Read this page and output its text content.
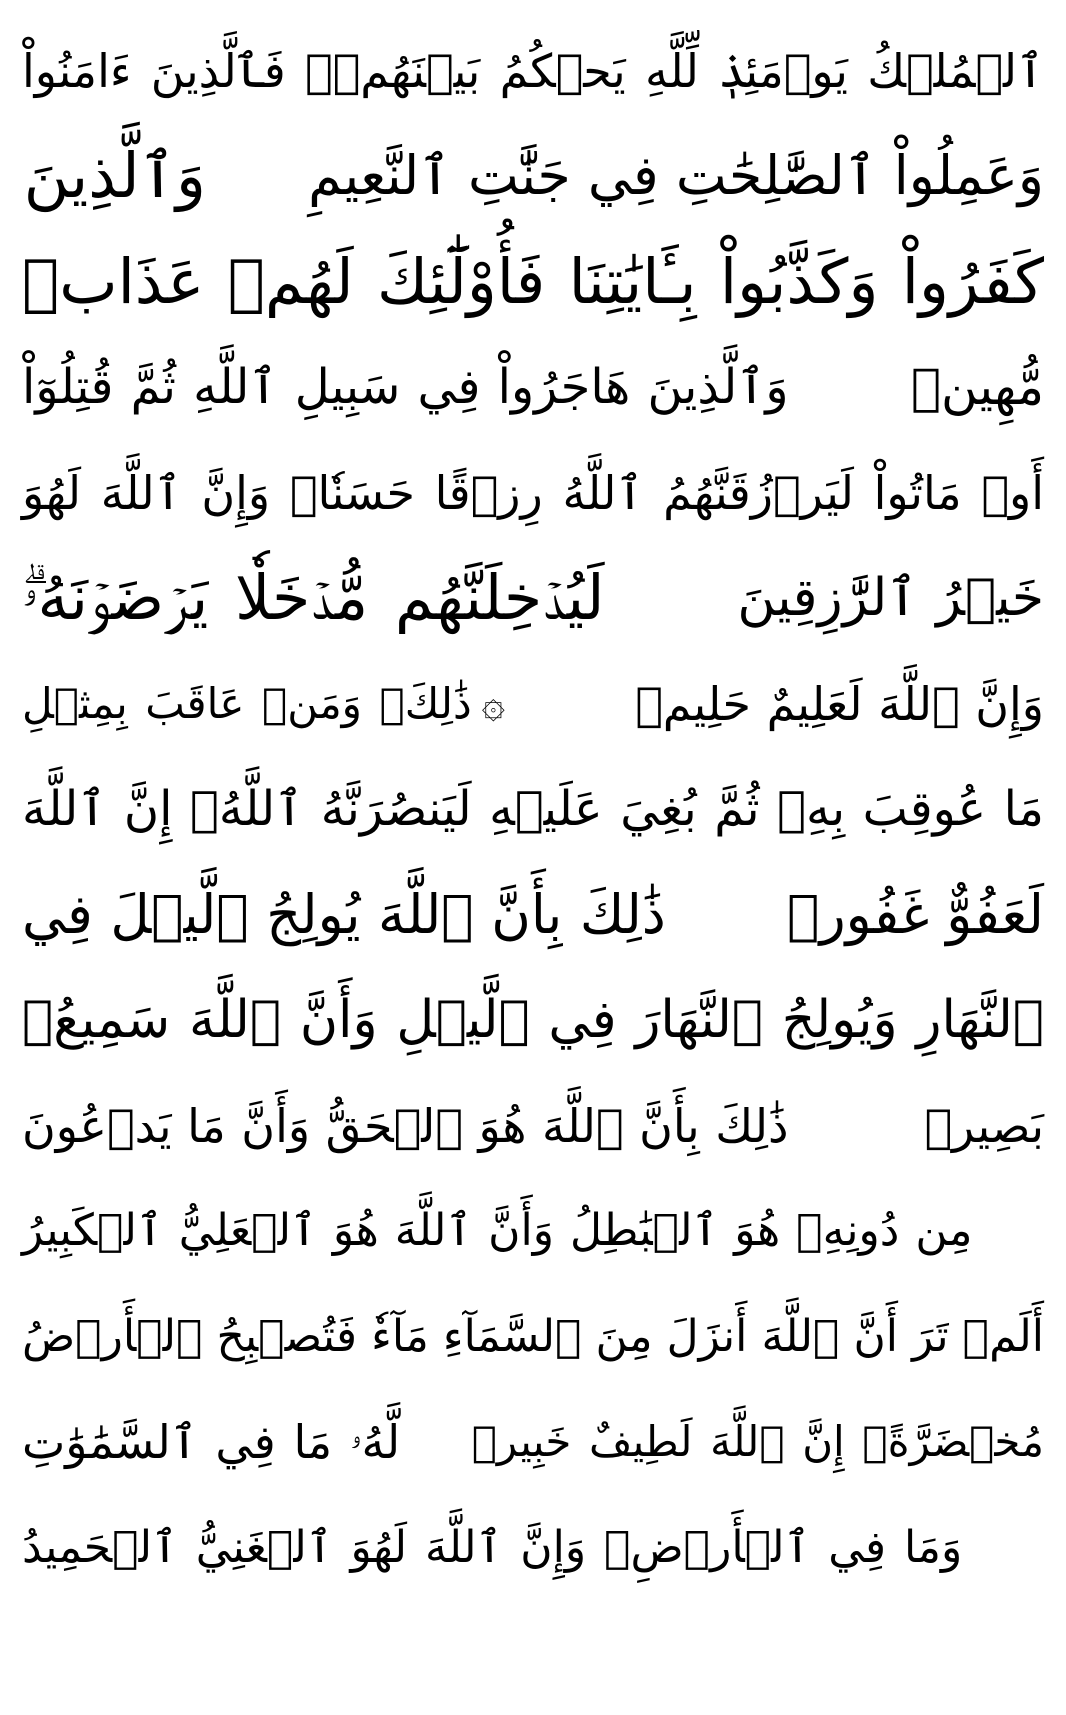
ٱلۡمُلۡكُ يَوۡمَئِذٖ لِّلَّهِ يَحۡكُمُ بَيۡنَهُمۡۚ فَٱلَّذِينَ ءَامَنُواْ
وَعَمِلُواْ ٱلصَّٰلِحَٰتِ فِي جَنَّٰتِ ٱلنَّعِيمِ
وَٱلَّذِينَ
كَفَرُواْ وَكَذَّبُواْ بِـَٔايَٰتِنَا فَأُوْلَٰٓئِكَ لَهُمۡ عَذَابٞ
مُّهِينٞ
وَٱلَّذِينَ هَاجَرُواْ فِي سَبِيلِ ٱللَّهِ ثُمَّ قُتِلُوٓاْ
أَوۡ مَاتُواْ لَيَرۡزُقَنَّهُمُ ٱللَّهُ رِزۡقًا حَسَنٗاۚ وَإِنَّ ٱللَّهَ لَهُوَ
خَيۡرُ ٱلرَّٰزِقِينَ
لَيُدۡخِلَنَّهُم مُّدۡخَلٗا يَرۡضَوۡنَهُۥۗ
وَإِنَّ ٱللَّهَ لَعَلِيمٌ حَلِيمٞ
۞
ذَٰلِكَۖ وَمَنۡ عَاقَبَ بِمِثۡلِ
مَا عُوقِبَ بِهِۦ ثُمَّ بُغِيَ عَلَيۡهِ لَيَنصُرَنَّهُ ٱللَّهُۚ إِنَّ ٱللَّهَ
لَعَفُوٌّ غَفُورٞ
ذَٰلِكَ بِأَنَّ ٱللَّهَ يُولِجُ ٱلَّيۡلَ فِي
ٱلنَّهَارِ وَيُولِجُ ٱلنَّهَارَ فِي ٱلَّيۡلِ وَأَنَّ ٱللَّهَ سَمِيعُۢ
بَصِيرٞ
ذَٰلِكَ بِأَنَّ ٱللَّهَ هُوَ ٱلۡحَقُّ وَأَنَّ مَا يَدۡعُونَ
مِن دُونِهِۦ هُوَ ٱلۡبَٰطِلُ وَأَنَّ ٱللَّهَ هُوَ ٱلۡعَلِيُّ ٱلۡكَبِيرُ
أَلَمۡ تَرَ أَنَّ ٱللَّهَ أَنزَلَ مِنَ ٱلسَّمَآءِ مَآءٗ فَتُصۡبِحُ ٱلۡأَرۡضُ
مُخۡضَرَّةًۚ إِنَّ ٱللَّهَ لَطِيفٌ خَبِيرٞ
لَّهُۥ مَا فِي ٱلسَّمَٰوَٰتِ
وَمَا فِي ٱلۡأَرۡضِۚ وَإِنَّ ٱللَّهَ لَهُوَ ٱلۡغَنِيُّ ٱلۡحَمِيدُ
